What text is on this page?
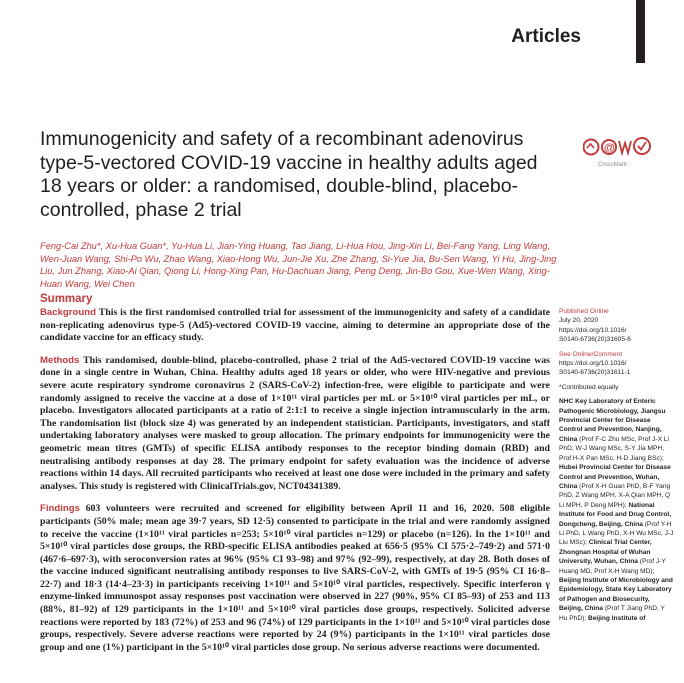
Articles
Immunogenicity and safety of a recombinant adenovirus type-5-vectored COVID-19 vaccine in healthy adults aged 18 years or older: a randomised, double-blind, placebo-controlled, phase 2 trial
@
CrossMark

Feng-Cai Zhu*, Xu-Hua Guan*, Yu-Hua Li, Jian-Ying Huang, Tao Jiang, Li-Hua Hou, Jing-Xin Li, Bei-Fang Yang, Ling Wang, Wen-Juan Wang, Shi-Po Wu, Zhao Wang, Xiao-Hong Wu, Jun-Jie Xu, Zhe Zhang, Si-Yue Jia, Bu-Sen Wang, Yi Hu, Jing-Jing Liu, Jun Zhang, Xiao-Ai Qian, Qiong Li, Hong-Xing Pan, Hu-Dachuan Jiang, Peng Deng, Jin-Bo Gou, Xue-Wen Wang, Xing-Huan Wang, Wei Chen

Summary

Background This is the first randomised controlled trial for assessment of the immunogenicity and safety of a candidate non-replicating adenovirus type-5 (Ad5)-vectored COVID-19 vaccine, aiming to determine an appropriate dose of the candidate vaccine for an efficacy study.

Methods This randomised, double-blind, placebo-controlled, phase 2 trial of the Ad5-vectored COVID-19 vaccine was done in a single centre in Wuhan, China. Healthy adults aged 18 years or older, who were HIV-negative and previous severe acute respiratory syndrome coronavirus 2 (SARS-CoV-2) infection-free, were eligible to participate and were randomly assigned to receive the vaccine at a dose of 1×10¹¹ viral particles per mL or 5×10¹⁰ viral particles per mL, or placebo. Investigators allocated participants at a ratio of 2:1:1 to receive a single injection intramuscularly in the arm. The randomisation list (block size 4) was generated by an independent statistician. Participants, investigators, and staff undertaking laboratory analyses were masked to group allocation. The primary endpoints for immunogenicity were the geometric mean titres (GMTs) of specific ELISA antibody responses to the receptor binding domain (RBD) and neutralising antibody responses at day 28. The primary endpoint for safety evaluation was the incidence of adverse reactions within 14 days. All recruited participants who received at least one dose were included in the primary and safety analyses. This study is registered with ClinicalTrials.gov, NCT04341389.

Findings 603 volunteers were recruited and screened for eligibility between April 11 and 16, 2020. 508 eligible participants (50% male; mean age 39·7 years, SD 12·5) consented to participate in the trial and were randomly assigned to receive the vaccine (1×10¹¹ viral particles n=253; 5×10¹⁰ viral particles n=129) or placebo (n=126). In the 1×10¹¹ and 5×10¹⁰ viral particles dose groups, the RBD-specific ELISA antibodies peaked at 656·5 (95% CI 575·2–749·2) and 571·0 (467·6–697·3), with seroconversion rates at 96% (95% CI 93–98) and 97% (92–99), respectively, at day 28. Both doses of the vaccine induced significant neutralising antibody responses to live SARS-CoV-2, with GMTs of 19·5 (95% CI 16·8–22·7) and 18·3 (14·4–23·3) in participants receiving 1×10¹¹ and 5×10¹⁰ viral particles, respectively. Specific interferon γ enzyme-linked immunospot assay responses post vaccination were observed in 227 (90%, 95% CI 85–93) of 253 and 113 (88%, 81–92) of 129 participants in the 1×10¹¹ and 5×10¹⁰ viral particles dose groups, respectively. Solicited adverse reactions were reported by 183 (72%) of 253 and 96 (74%) of 129 participants in the 1×10¹¹ and 5×10¹⁰ viral particles dose groups, respectively. Severe adverse reactions were reported by 24 (9%) participants in the 1×10¹¹ viral particles dose group and one (1%) participant in the 5×10¹⁰ viral particles dose group. No serious adverse reactions were documented.

Published Online
July 20, 2020
https://doi.org/10.1016/
S0140-6736(20)31605-6
See Online/Comment
https://doi.org/10.1016/
S0140-6736(20)31611-1
*Contributed equally
NHC Key Laboratory of Enteric Pathogenic Microbiology, Jiangsu Provincial Center for Disease Control and Prevention, Nanjing, China (Prof F-C Zhu MSc, Prof J-X Li PhD, W-J Wang MSc, S-Y Jia MPH, Prof H-X Pan MSc, H-D Jiang BSc); Hubei Provincial Center for Disease Control and Prevention, Wuhan, China (Prof X-H Guan PhD, B-F Yang PhD, Z Wang MPH, X-A Qian MPH, Q Li MPH, P Deng MPH); National Institute for Food and Drug Control, Dongcheng, Beijing, China (Prof Y-H Li PhD, L Wang PhD, X-H Wu MSc, J-J Liu MSc); Clinical Trial Center, Zhongnan Hospital of Wuhan University, Wuhan, China (Prof J-Y Huang MD, Prof X-H Wang MD); Beijing Institute of Microbiology and Epidemiology, State Key Laboratory of Pathogen and Biosecurity, Beijing, China (Prof T Jiang PhD, Y Hu PhD); Beijing Institute of
